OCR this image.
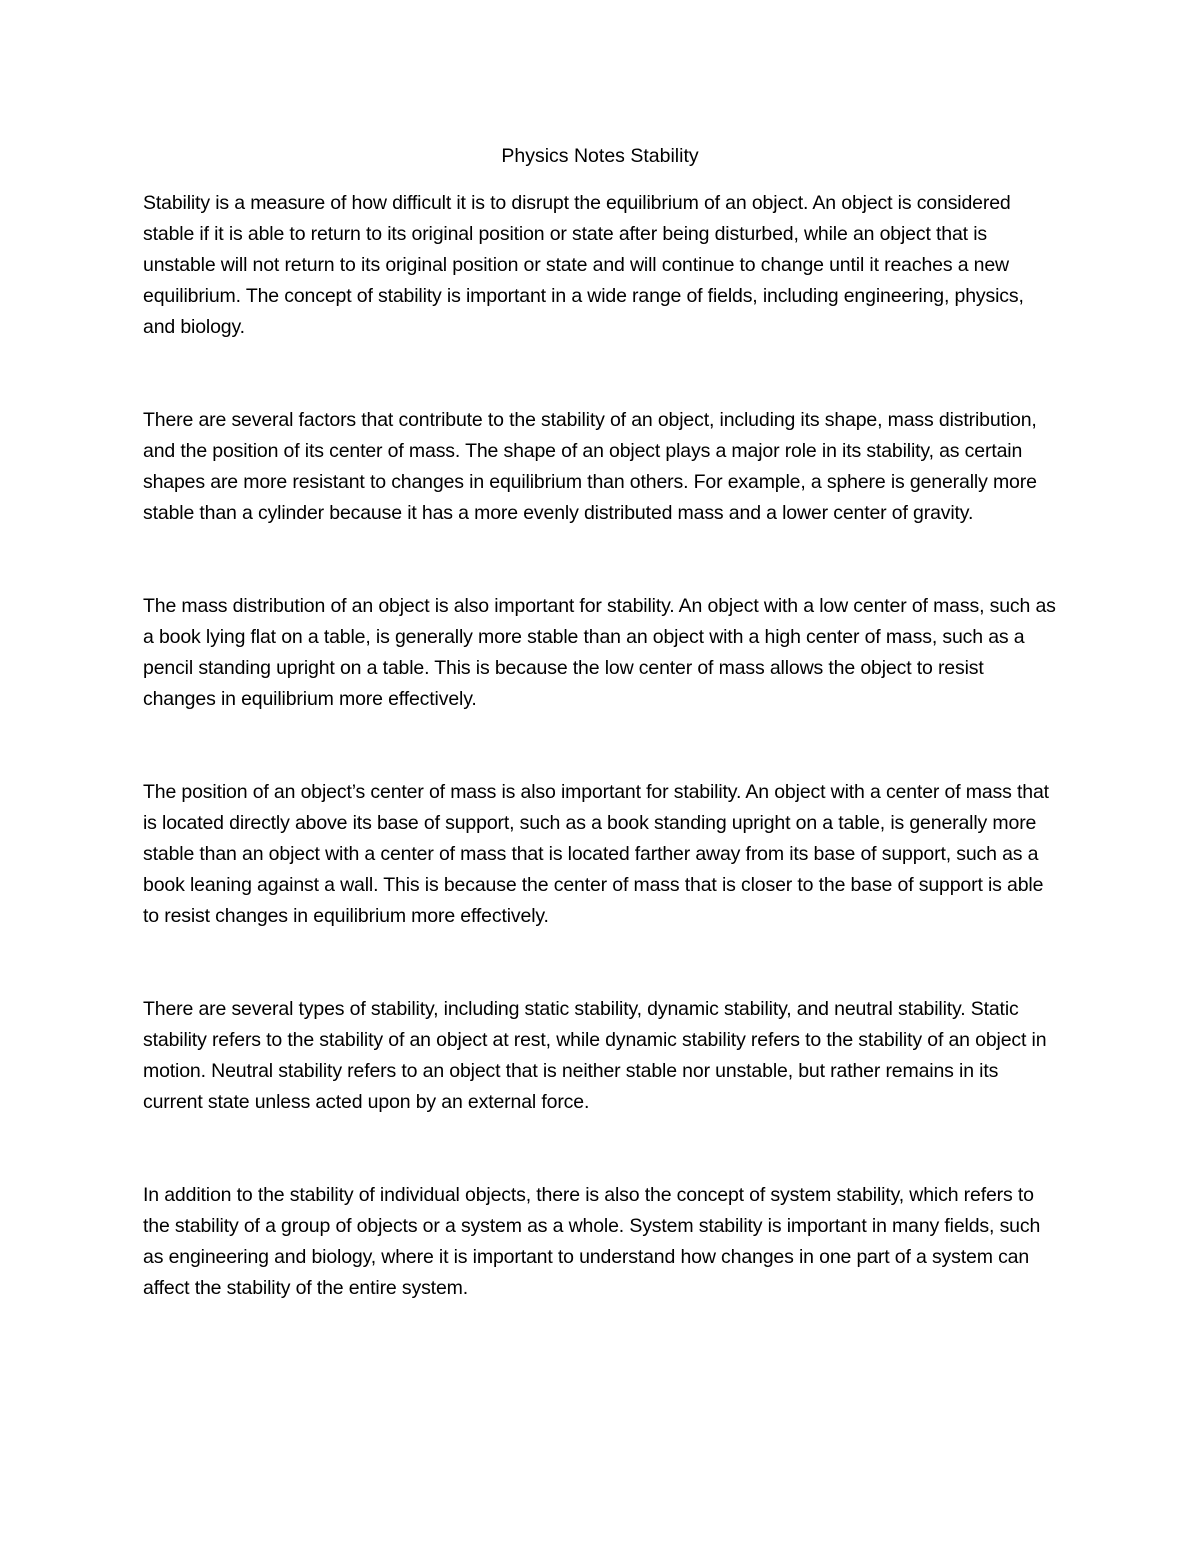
Physics Notes Stability

Stability is a measure of how difficult it is to disrupt the equilibrium of an object. An object is considered stable if it is able to return to its original position or state after being disturbed, while an object that is unstable will not return to its original position or state and will continue to change until it reaches a new equilibrium. The concept of stability is important in a wide range of fields, including engineering, physics, and biology.

There are several factors that contribute to the stability of an object, including its shape, mass distribution, and the position of its center of mass. The shape of an object plays a major role in its stability, as certain shapes are more resistant to changes in equilibrium than others. For example, a sphere is generally more stable than a cylinder because it has a more evenly distributed mass and a lower center of gravity.

The mass distribution of an object is also important for stability. An object with a low center of mass, such as a book lying flat on a table, is generally more stable than an object with a high center of mass, such as a pencil standing upright on a table. This is because the low center of mass allows the object to resist changes in equilibrium more effectively.

The position of an object’s center of mass is also important for stability. An object with a center of mass that is located directly above its base of support, such as a book standing upright on a table, is generally more stable than an object with a center of mass that is located farther away from its base of support, such as a book leaning against a wall. This is because the center of mass that is closer to the base of support is able to resist changes in equilibrium more effectively.

There are several types of stability, including static stability, dynamic stability, and neutral stability. Static stability refers to the stability of an object at rest, while dynamic stability refers to the stability of an object in motion. Neutral stability refers to an object that is neither stable nor unstable, but rather remains in its current state unless acted upon by an external force.

In addition to the stability of individual objects, there is also the concept of system stability, which refers to the stability of a group of objects or a system as a whole. System stability is important in many fields, such as engineering and biology, where it is important to understand how changes in one part of a system can affect the stability of the entire system.
